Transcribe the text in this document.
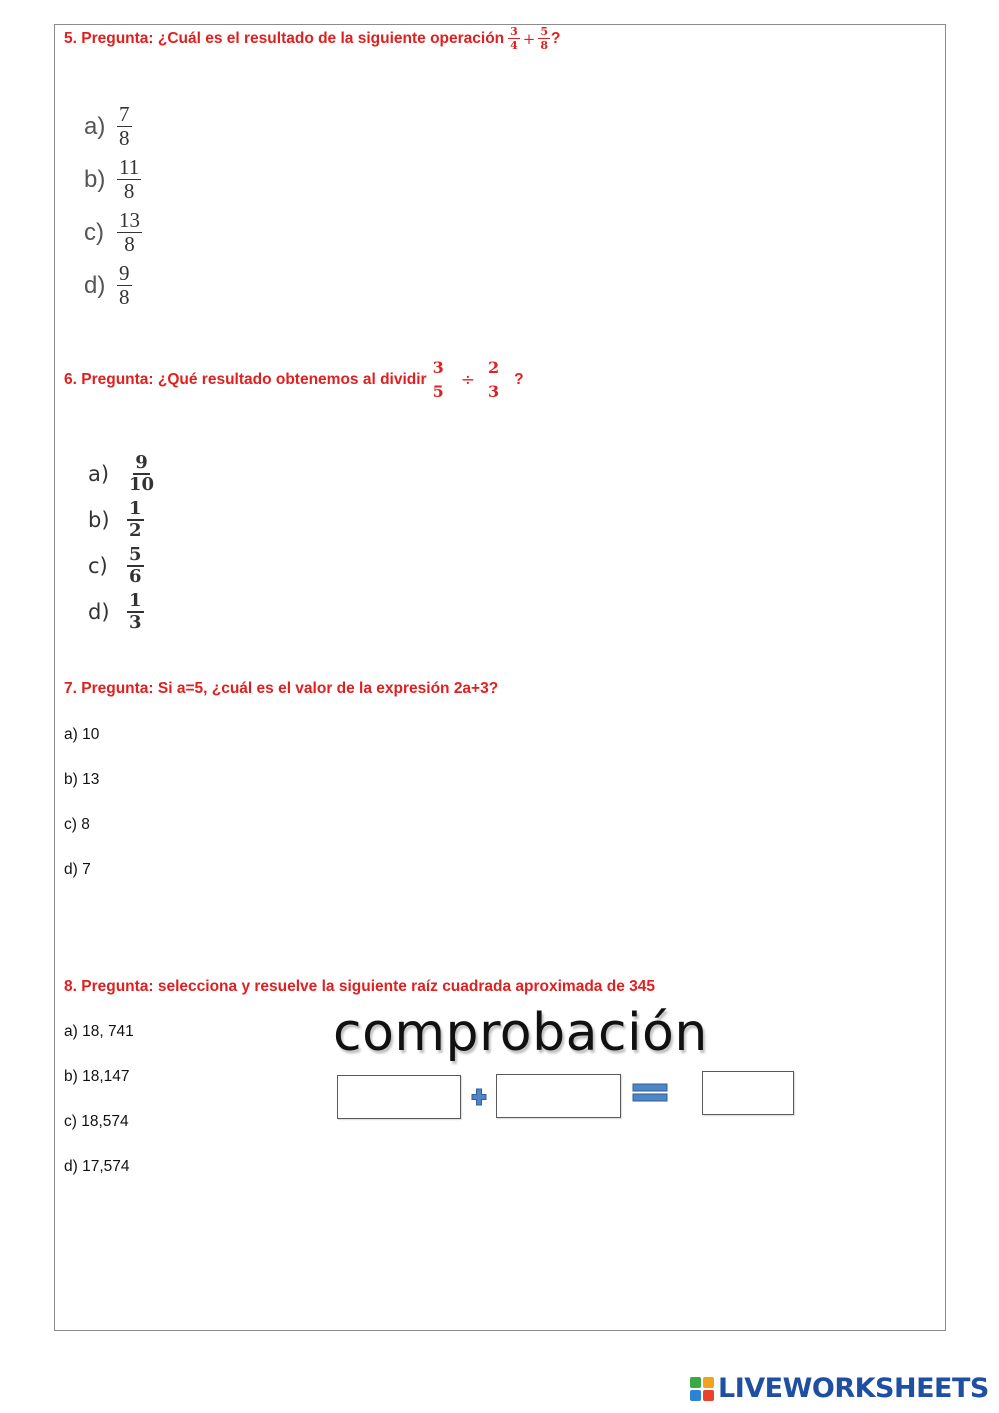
5. Pregunta: ¿Cuál es el resultado de la siguiente operación $\frac{3}{4} + \frac{5}{8}$ ?
$a) \frac{7}{8}$
$b) \frac{11}{8}$
$c) \frac{13}{8}$
$d) \frac{9}{8}$
6. Pregunta: ¿Qué resultado obtenemos al dividir
3
5
÷
2
3
?
$a) \frac{9}{10}$
$b) \frac{1}{2}$
c)	$\frac{5}{6}$
$d) \frac{1}{3}$
7. Pregunta: Si a=5, ¿cuál es el valor de la expresión 2a+3?
a) 10
b) 13
c) 8
d) 7
8. Pregunta: selecciona y resuelve la siguiente raíz cuadrada aproximada de 345
a) 18, 741
b) 18,147
c) 18,574
d) 17,574
comprobación
LIVEWORKSHEETS
